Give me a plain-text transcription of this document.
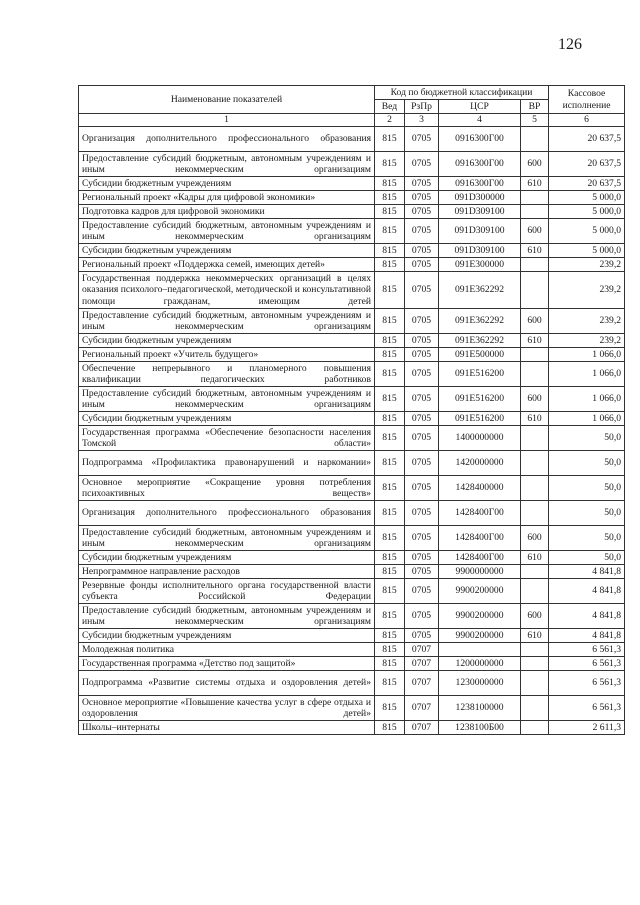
126
Наименование показателей	Код по бюджетной классификации				Кассовое
исполнение
	Вед	РзПр	ЦСР	ВР	
1	2	3	4	5	6
Организация дополнительного профессионального образования	815	0705	0916300Г00		20 637,5
Предоставление субсидий бюджетным, автономным учреждениям и иным некоммерческим организациям	815	0705	0916300Г00	600	20 637,5
Субсидии бюджетным учреждениям	815	0705	0916300Г00	610	20 637,5
Региональный проект «Кадры для цифровой экономики»	815	0705	091D300000		5 000,0
Подготовка кадров для цифровой экономики	815	0705	091D309100		5 000,0
Предоставление субсидий бюджетным, автономным учреждениям и иным некоммерческим организациям	815	0705	091D309100	600	5 000,0
Субсидии бюджетным учреждениям	815	0705	091D309100	610	5 000,0
Региональный проект «Поддержка семей, имеющих детей»	815	0705	091E300000		239,2
Государственная поддержка некоммерческих организаций в целях оказания психолого–педагогической, методической и консультативной помощи гражданам, имеющим детей	815	0705	091E362292		239,2
Предоставление субсидий бюджетным, автономным учреждениям и иным некоммерческим организациям	815	0705	091E362292	600	239,2
Субсидии бюджетным учреждениям	815	0705	091E362292	610	239,2
Региональный проект «Учитель будущего»	815	0705	091E500000		1 066,0
Обеспечение непрерывного и планомерного повышения квалификации педагогических работников	815	0705	091E516200		1 066,0
Предоставление субсидий бюджетным, автономным учреждениям и иным некоммерческим организациям	815	0705	091E516200	600	1 066,0
Субсидии бюджетным учреждениям	815	0705	091E516200	610	1 066,0
Государственная программа «Обеспечение безопасности населения Томской области»	815	0705	1400000000		50,0
Подпрограмма «Профилактика правонарушений и наркомании»	815	0705	1420000000		50,0
Основное мероприятие «Сокращение уровня потребления психоактивных веществ»	815	0705	1428400000		50,0
Организация дополнительного профессионального образования	815	0705	1428400Г00		50,0
Предоставление субсидий бюджетным, автономным учреждениям и иным некоммерческим организациям	815	0705	1428400Г00	600	50,0
Субсидии бюджетным учреждениям	815	0705	1428400Г00	610	50,0
Непрограммное направление расходов	815	0705	9900000000		4 841,8
Резервные фонды исполнительного органа государственной власти субъекта Российской Федерации	815	0705	9900200000		4 841,8
Предоставление субсидий бюджетным, автономным учреждениям и иным некоммерческим организациям	815	0705	9900200000	600	4 841,8
Субсидии бюджетным учреждениям	815	0705	9900200000	610	4 841,8
Молодежная политика	815	0707			6 561,3
Государственная программа «Детство под защитой»	815	0707	1200000000		6 561,3
Подпрограмма «Развитие системы отдыха и оздоровления детей»	815	0707	1230000000		6 561,3
Основное мероприятие «Повышение качества услуг в сфере отдыха и оздоровления детей»	815	0707	1238100000		6 561,3
Школы–интернаты	815	0707	1238100Б00		2 611,3
